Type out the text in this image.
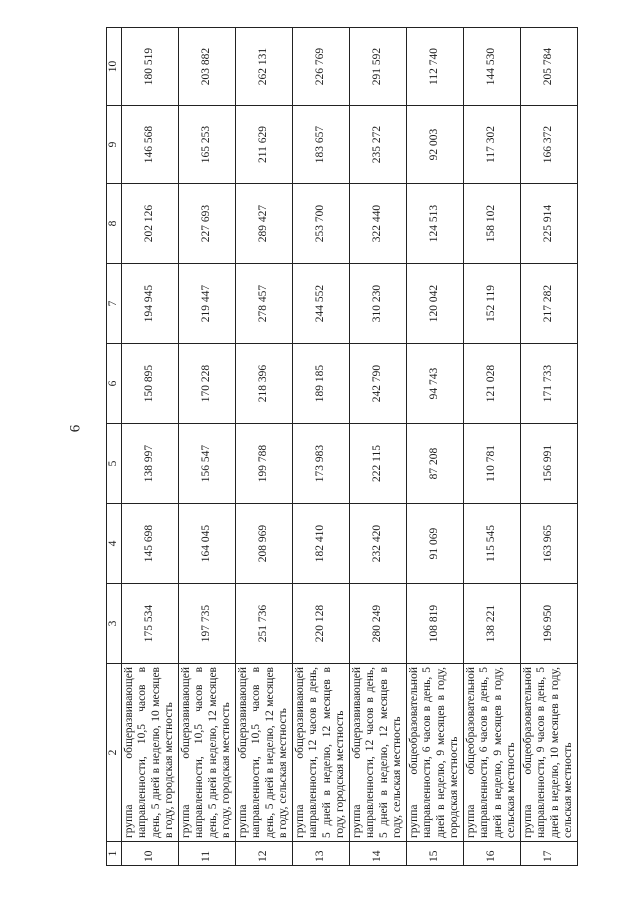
6
1	2	3	4	5	6	7	8	9	10
10	группа общеразвивающей направленности, 10,5 часов в день, 5 дней в неделю, 10 месяцев в году, городская местность	175 534	145 698	138 997	150 895	194 945	202 126	146 568	180 519
11	группа общеразвивающей направленности, 10,5 часов в день, 5 дней в неделю, 12 месяцев в году, городская местность	197 735	164 045	156 547	170 228	219 447	227 693	165 253	203 882
12	группа общеразвивающей направленности, 10,5 часов в день, 5 дней в неделю, 12 месяцев в году, сельская местность	251 736	208 969	199 788	218 396	278 457	289 427	211 629	262 131
13	группа общеразвивающей направленности, 12 часов в день, 5 дней в неделю, 12 месяцев в году, городская местность	220 128	182 410	173 983	189 185	244 552	253 700	183 657	226 769
14	группа общеразвивающей направленности, 12 часов в день, 5 дней в неделю, 12 месяцев в году, сельская местность	280 249	232 420	222 115	242 790	310 230	322 440	235 272	291 592
15	группа общеобразовательной направленности, 6 часов в день, 5 дней в неделю, 9 месяцев в году, городская местность	108 819	91 069	87 208	94 743	120 042	124 513	92 003	112 740
16	группа общеобразовательной направленности, 6 часов в день, 5 дней в неделю, 9 месяцев в году, сельская местность	138 221	115 545	110 781	121 028	152 119	158 102	117 302	144 530
17	группа общеобразовательной направленности, 9 часов в день, 5 дней в неделю, 10 месяцев в году, сельская местность	196 950	163 965	156 991	171 733	217 282	225 914	166 372	205 784
